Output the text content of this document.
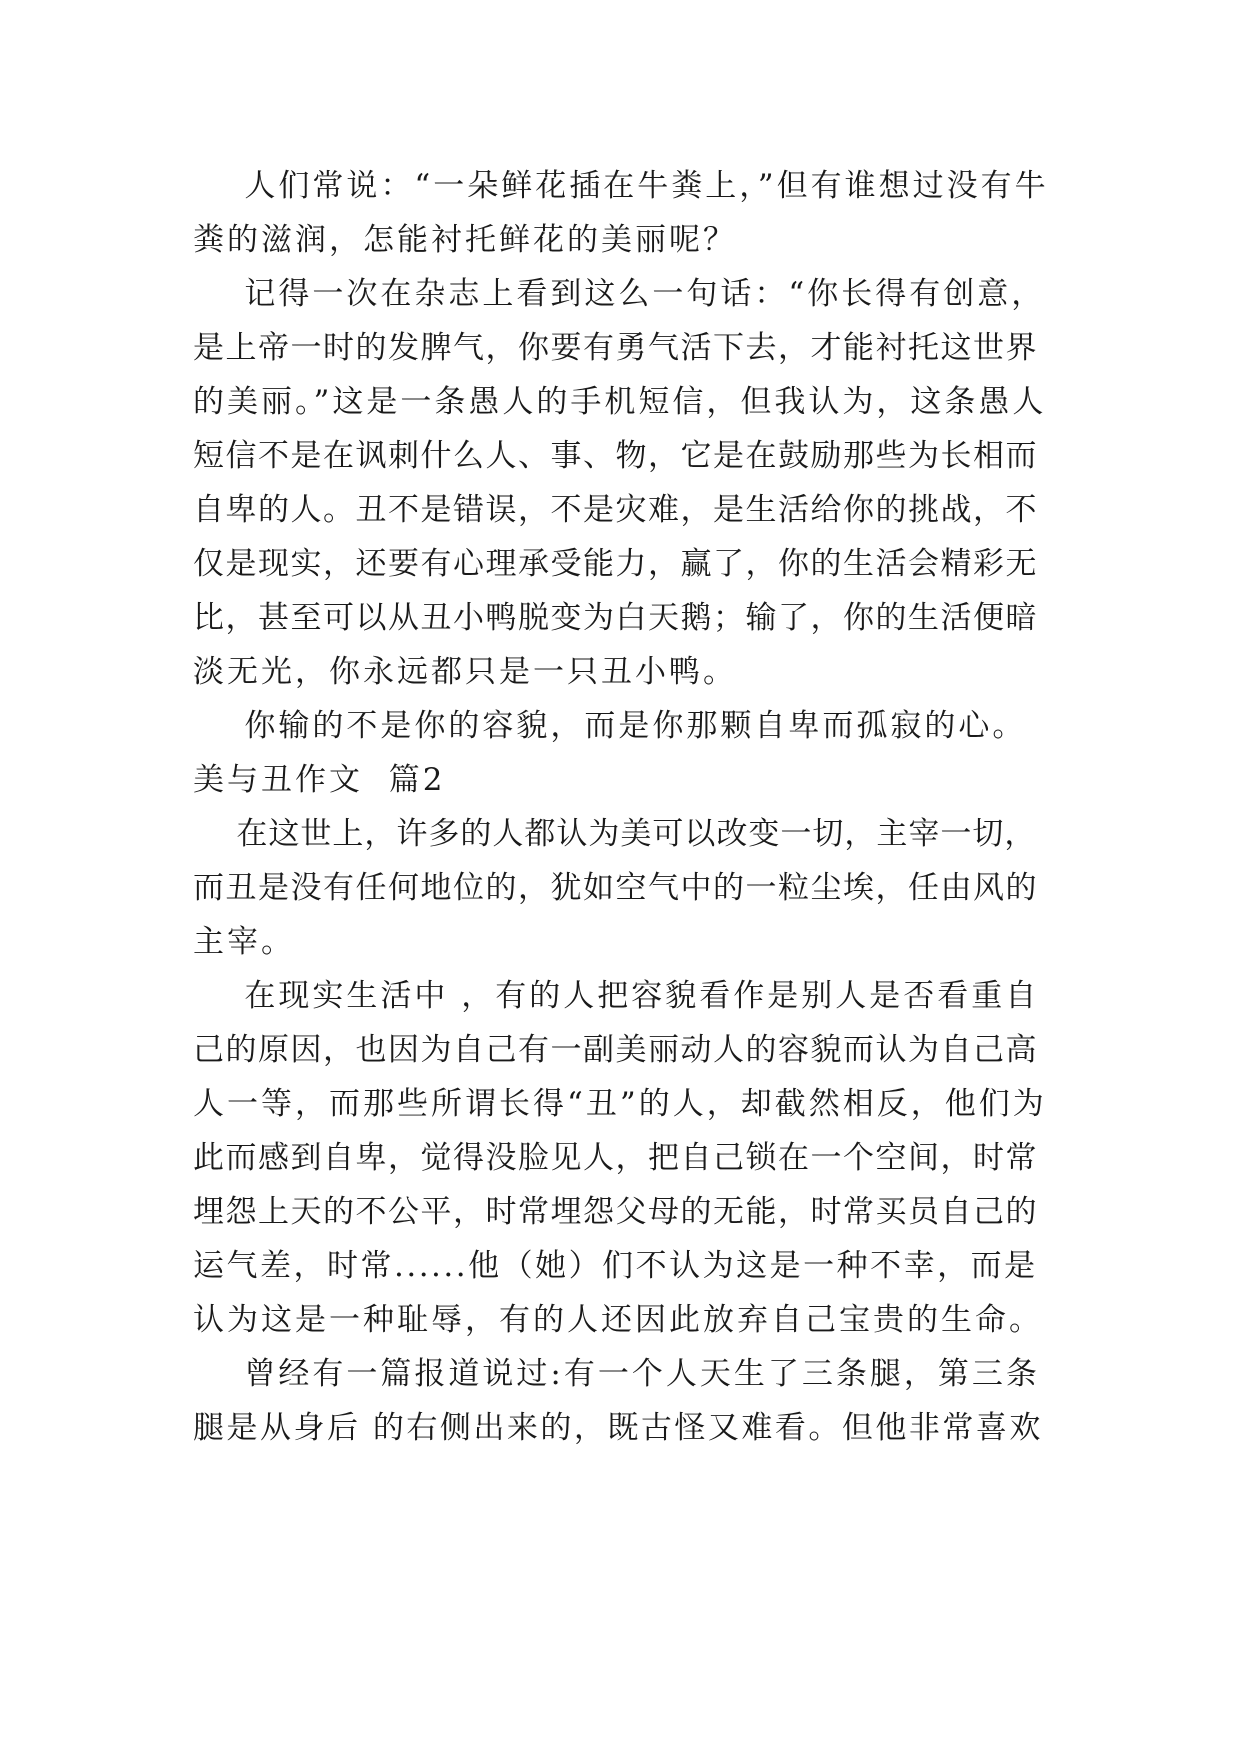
人们常说：“一朵鲜花插在牛粪上，”但有谁想过没有牛
粪的滋润，怎能衬托鲜花的美丽呢？
记得一次在杂志上看到这么一句话：“你长得有创意，
是上帝一时的发脾气，你要有勇气活下去，才能衬托这世界
的美丽。”这是一条愚人的手机短信，但我认为，这条愚人
短信不是在讽刺什么人、事、物，它是在鼓励那些为长相而
自卑的人。丑不是错误，不是灾难，是生活给你的挑战，不
仅是现实，还要有心理承受能力，赢了，你的生活会精彩无
比，甚至可以从丑小鸭脱变为白天鹅；输了，你的生活便暗
淡无光，你永远都只是一只丑小鸭。
你输的不是你的容貌，而是你那颗自卑而孤寂的心。
美与丑作文  篇2
在这世上，许多的人都认为美可以改变一切，主宰一切，
而丑是没有任何地位的，犹如空气中的一粒尘埃，任由风的
主宰。
在现实生活中 ，有的人把容貌看作是别人是否看重自
己的原因，也因为自己有一副美丽动人的容貌而认为自己高
人一等，而那些所谓长得“丑”的人，却截然相反，他们为
此而感到自卑，觉得没脸见人，把自己锁在一个空间，时常
埋怨上天的不公平，时常埋怨父母的无能，时常买员自己的
运气差，时常......他（她）们不认为这是一种不幸，而是
认为这是一种耻辱，有的人还因此放弃自己宝贵的生命。
曾经有一篇报道说过:有一个人天生了三条腿，第三条
腿是从身后 的右侧出来的，既古怪又难看。但他非常喜欢
